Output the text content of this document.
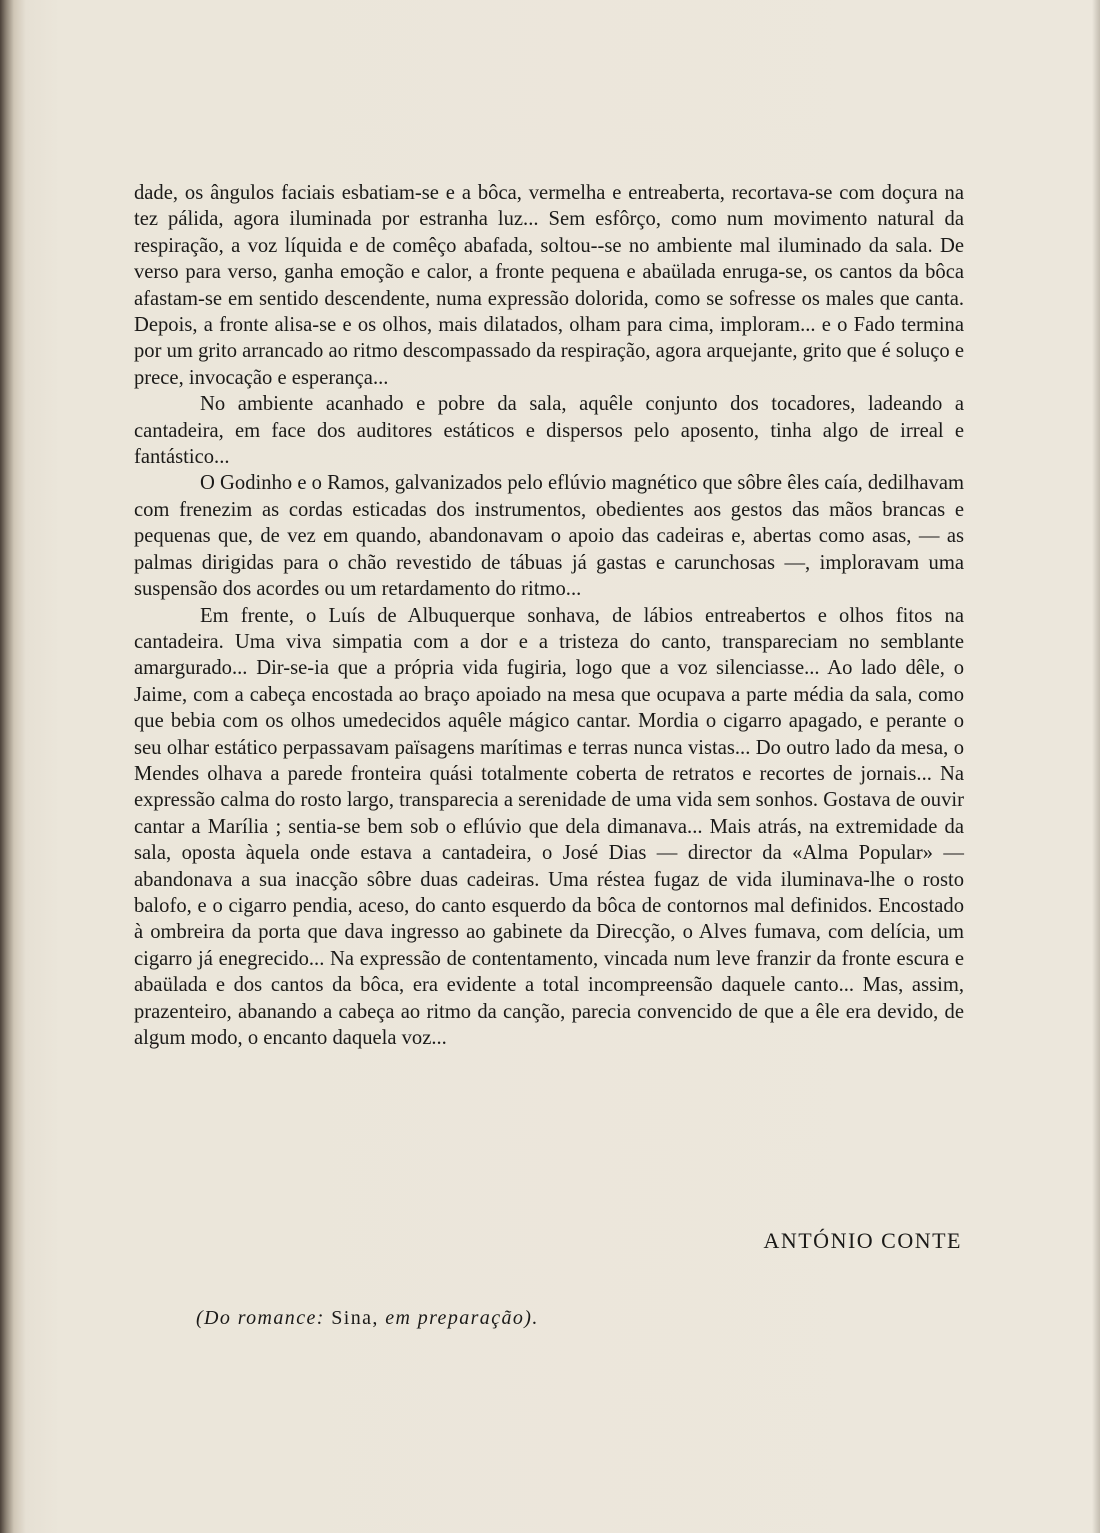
dade, os ângulos faciais esbatiam-se e a bôca, vermelha e entreaberta, recortava-se com doçura na tez pálida, agora iluminada por estranha luz... Sem esfôrço, como num movimento natural da respiração, a voz líquida e de comêço abafada, soltou--se no ambiente mal iluminado da sala. De verso para verso, ganha emoção e calor, a fronte pequena e abaülada enruga-se, os cantos da bôca afastam-se em sentido descendente, numa expressão dolorida, como se sofresse os males que canta. Depois, a fronte alisa-se e os olhos, mais dilatados, olham para cima, imploram... e o Fado termina por um grito arrancado ao ritmo descompassado da respiração, agora arquejante, grito que é soluço e prece, invocação e esperança...

No ambiente acanhado e pobre da sala, aquêle conjunto dos tocadores, ladeando a cantadeira, em face dos auditores estáticos e dispersos pelo aposento, tinha algo de irreal e fantástico...

O Godinho e o Ramos, galvanizados pelo eflúvio magnético que sôbre êles caía, dedilhavam com frenezim as cordas esticadas dos instrumentos, obedientes aos gestos das mãos brancas e pequenas que, de vez em quando, abandonavam o apoio das cadeiras e, abertas como asas, — as palmas dirigidas para o chão revestido de tábuas já gastas e carunchosas —, imploravam uma suspensão dos acordes ou um retardamento do ritmo...

Em frente, o Luís de Albuquerque sonhava, de lábios entreabertos e olhos fitos na cantadeira. Uma viva simpatia com a dor e a tristeza do canto, transpareciam no semblante amargurado... Dir-se-ia que a própria vida fugiria, logo que a voz silenciasse... Ao lado dêle, o Jaime, com a cabeça encostada ao braço apoiado na mesa que ocupava a parte média da sala, como que bebia com os olhos umedecidos aquêle mágico cantar. Mordia o cigarro apagado, e perante o seu olhar estático perpassavam païsagens marítimas e terras nunca vistas... Do outro lado da mesa, o Mendes olhava a parede fronteira quási totalmente coberta de retratos e recortes de jornais... Na expressão calma do rosto largo, transparecia a serenidade de uma vida sem sonhos. Gostava de ouvir cantar a Marília ; sentia-se bem sob o eflúvio que dela dimanava... Mais atrás, na extremidade da sala, oposta àquela onde estava a cantadeira, o José Dias — director da «Alma Popular» — abandonava a sua inacção sôbre duas cadeiras. Uma réstea fugaz de vida iluminava-lhe o rosto balofo, e o cigarro pendia, aceso, do canto esquerdo da bôca de contornos mal definidos. Encostado à ombreira da porta que dava ingresso ao gabinete da Direcção, o Alves fumava, com delícia, um cigarro já enegrecido... Na expressão de contentamento, vincada num leve franzir da fronte escura e abaülada e dos cantos da bôca, era evidente a total incompreensão daquele canto... Mas, assim, prazenteiro, abanando a cabeça ao ritmo da canção, parecia convencido de que a êle era devido, de algum modo, o encanto daquela voz...

ANTÓNIO CONTE
(Do romance: Sina, em preparação).
